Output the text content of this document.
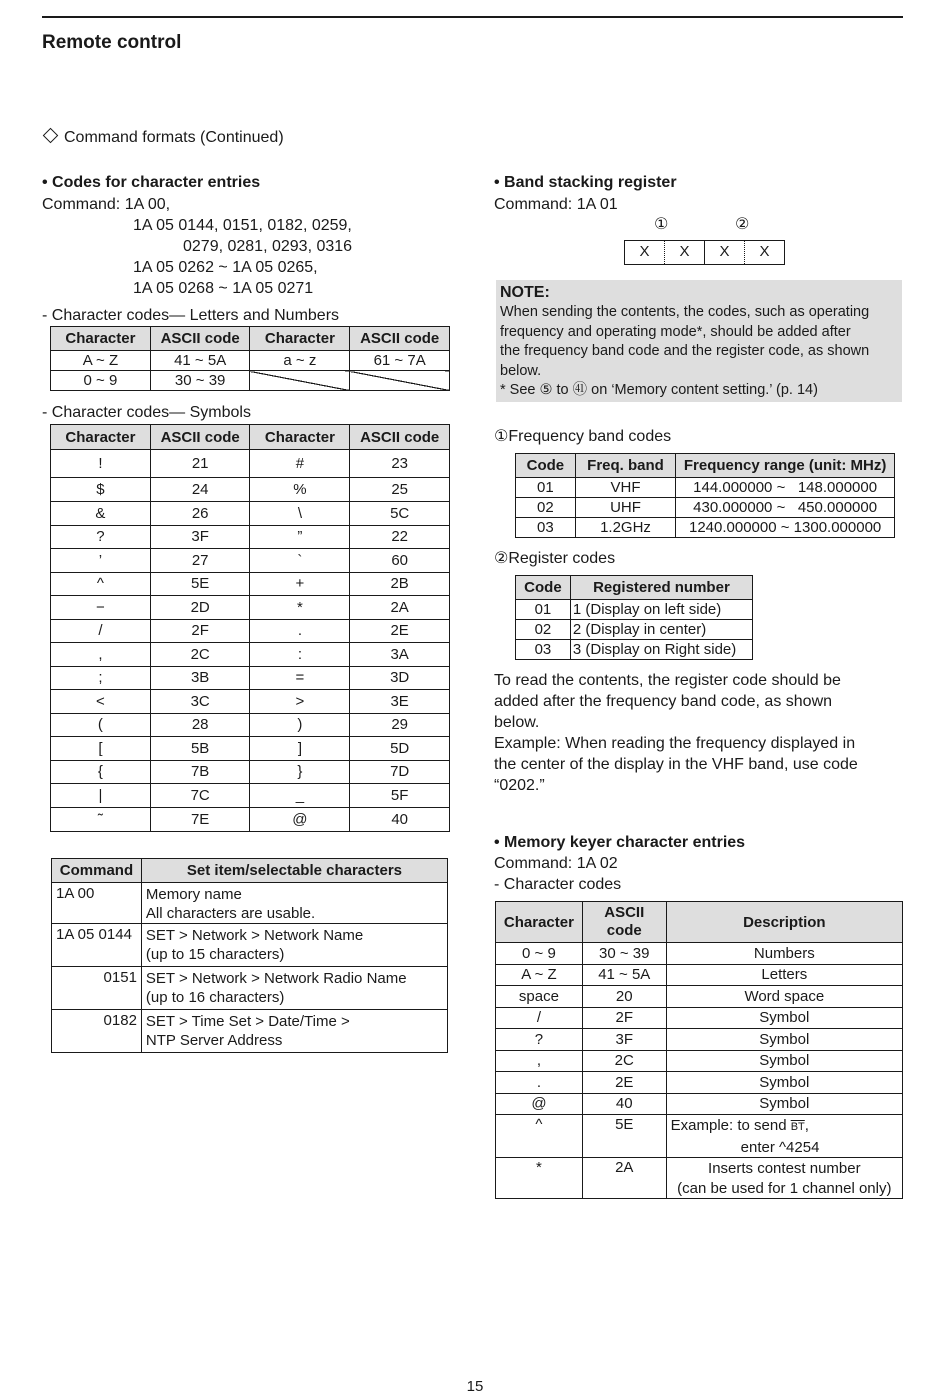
Remote control
Command formats (Continued)
• Codes for character entries
Command: 1A 00,
1A 05 0144, 0151, 0182, 0259,
0279, 0281, 0293, 0316
1A 05 0262 ~ 1A 05 0265,
1A 05 0268 ~ 1A 05 0271
- Character codes— Letters and Numbers
Character	ASCII code	Character	ASCII code
A ~ Z	41 ~ 5A	a ~ z	61 ~ 7A
0 ~ 9	30 ~ 39		
- Character codes— Symbols
Character	ASCII code	Character	ASCII code
!	21	#	23
$	24	%	25
&	26	\	5C
?	3F	”	22
’	27	`	60
^	5E	+	2B
−	2D	*	2A
/	2F	.	2E
,	2C	:	3A
;	3B	=	3D
<	3C	>	3E
(	28	)	29
[	5B	]	5D
{	7B	}	7D
|	7C	_	5F
˜	7E	@	40
Command	Set item/selectable characters
1A 00	Memory name
All characters are usable.

1A 05 0144	SET > Network > Network Name
(up to 15 characters)

0151	SET > Network > Network Radio Name
(up to 16 characters)

0182	SET > Time Set > Date/Time >
NTP Server Address
• Band stacking register
Command: 1A 01
①	②
X	X	X	X
NOTE:

When sending the contents, the codes, such as operating

frequency and operating mode*, should be added after

the frequency band code and the register code, as shown

below.

* See ⑤ to ㊶ on ‘Memory content setting.’ (p. 14)

①Frequency band codes
Code	Freq. band	Frequency range (unit: MHz)
01	VHF	144.000000 ~   148.000000
02	UHF	430.000000 ~   450.000000
03	1.2GHz	1240.000000 ~ 1300.000000
②Register codes
Code	Registered number
01	1 (Display on left side)
02	2 (Display in center)
03	3 (Display on Right side)
To read the contents, the register code should be
added after the frequency band code, as shown
below.
Example: When reading the frequency displayed in
the center of the display in the VHF band, use code
“0202.”
• Memory keyer character entries
Command: 1A 02
- Character codes
Character	ASCII code	Description
0 ~ 9	30 ~ 39	Numbers
A ~ Z	41 ~ 5A	Letters
space	20	Word space
/	2F	Symbol
?	3F	Symbol
,	2C	Symbol
.	2E	Symbol
@	40	Symbol
^	5E	Example: to send $\overline{BT}$,
enter ^4254

*	2A	Inserts contest number
(can be used for 1 channel only)
15
